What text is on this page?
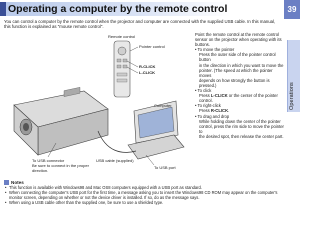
Operating a computer by the remote control	39
Operations

You can control a computer by the remote control when the projector and computer are connected with the supplied USB cable. In this manual,

this function is explained as "mouse remote control".

Remote control
Pointer control
R-CLICK
L-CLICK
Computer
USB cable (supplied)
To USB port
To USB connector
Be sure to connect in the proper
direction.

Point the remote control at the remote control

sensor on the projector when operating with its

buttons.

• To move the pointer

Press the outer side of the pointer control button

in the direction in which you want to move the

pointer. (The speed at which the pointer moves

depends on how strongly the button is pressed.)

• To click

Press L-CLICK or the center of the pointer

control.

• To right-click

Press R-CLICK.

• To drag and drop

While holding down the center of the pointer

control, press the rim side to move the pointer to

the desired spot, then release the center part.

Notes
• This function is available with Windows98 and Mac OS8 computers equipped with a USB port as standard.
• When connecting the computer's USB port for the first time, a message asking you to insert the Windows98 CD ROM may appear on the computer's
monitor screen, depending on whether or not the device driver is installed. If so, do as the message says.
• When using a USB cable other than the supplied one, be sure to use a shielded type.
